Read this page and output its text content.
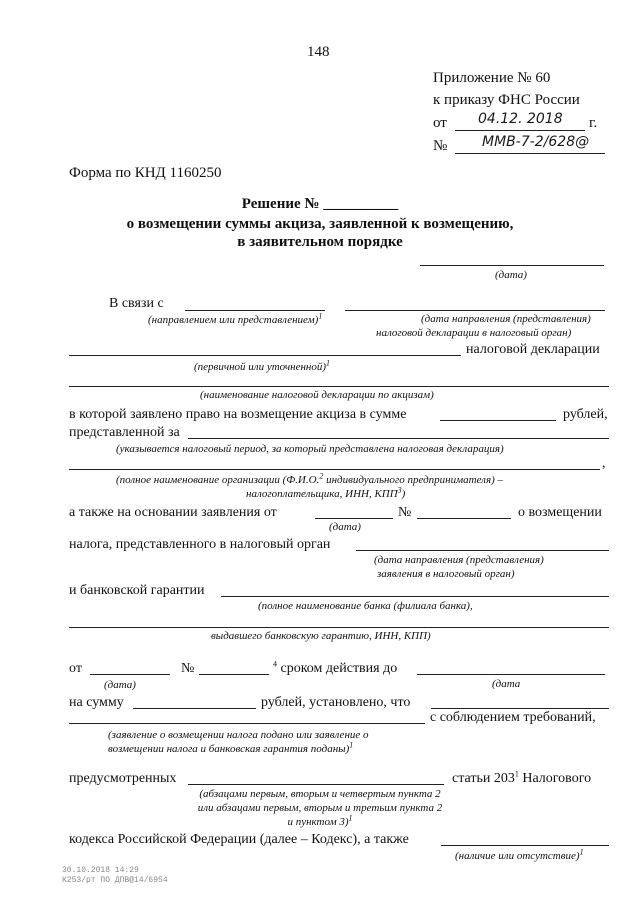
148
Приложение № 60
к приказу ФНС России
от 04.12. 2018 г.
№ ММВ-7-2/628@
Форма по КНД 1160250
Решение № __________
о возмещении суммы акциза, заявленной к возмещению,
в заявительном порядке
(дата)
В связи с
(направлением или представлением)$^1$	(дата направления (представления)
налоговой декларации в налоговый орган)
налоговой декларации
(первичной или уточненной)$^1$
(наименование налоговой декларации по акцизам)
в которой заявлено право на возмещение акциза в сумме	рублей,
представленной за
(указывается налоговый период, за который представлена налоговая декларация)
,
(полное наименование организации (Ф.И.О.$^2$ индивидуального предпринимателя) –
налогоплательщика, ИНН, КПП$^3$)
а также на основании заявления от	№	о возмещении
(дата)
налога, представленного в налоговый орган
(дата направления (представления)
заявления в налоговый орган)
и банковской гарантии
(полное наименование банка (филиала банка),
выдавшего банковскую гарантию, ИНН, КПП)
от	№	$^4$ сроком действия до
(дата)	(дата
на сумму	рублей, установлено, что
с соблюдением требований,
(заявление о возмещении налога подано или заявление о
возмещении налога и банковская гарантия поданы)$^1$
предусмотренных	статьи $203^1$ Налогового
(абзацами первым, вторым и четвертым пункта 2
или абзацами первым, вторым и третьим пункта 2
и пунктом 3)$^1$
кодекса Российской Федерации (далее – Кодекс), а также
(наличие или отсутствие)$^1$
30.10.2018 14:29
К253/рт ПО ДПВ@14/6954
